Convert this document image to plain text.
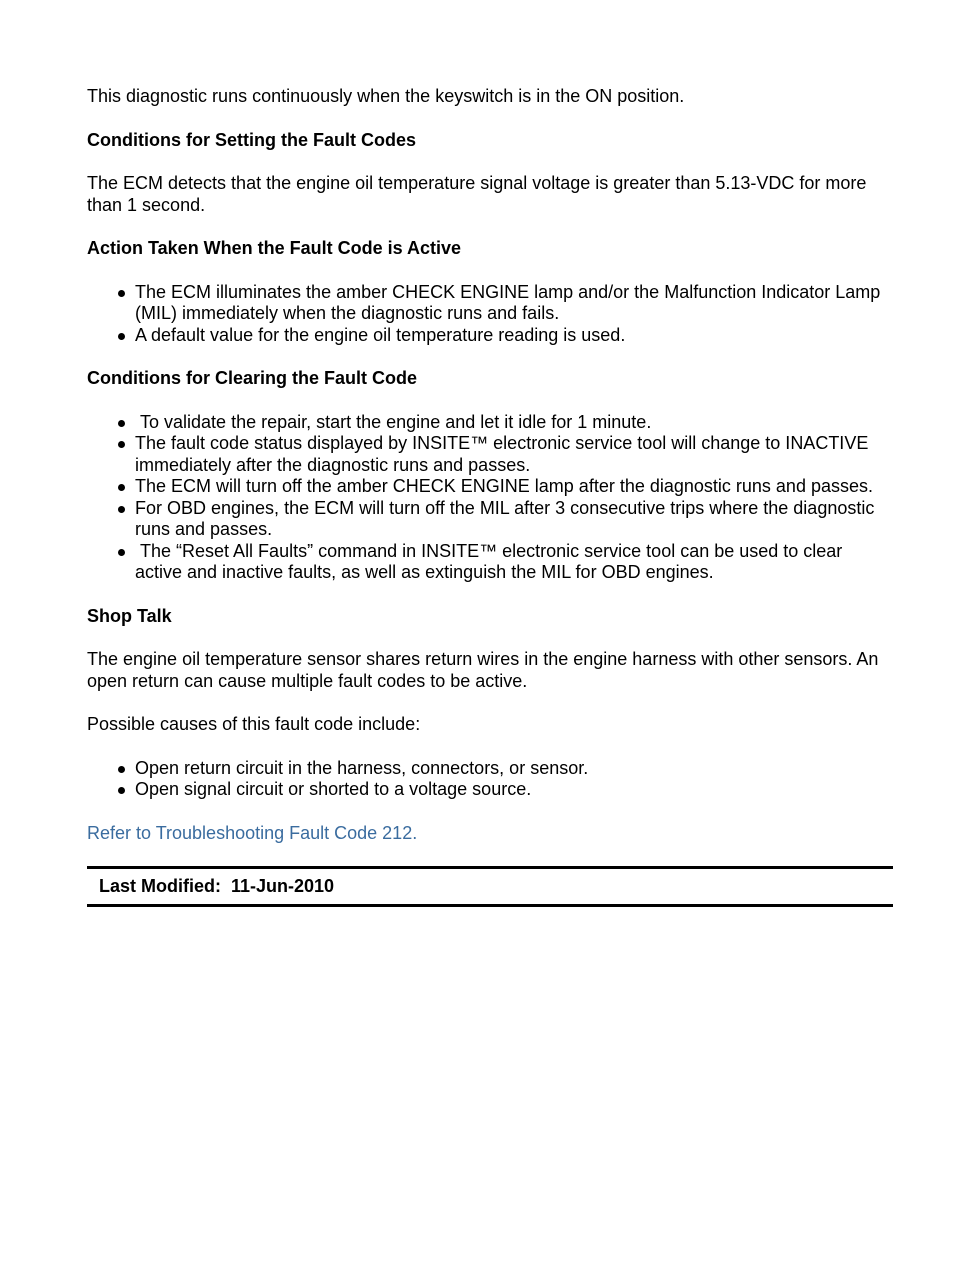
This diagnostic runs continuously when the keyswitch is in the ON position.

Conditions for Setting the Fault Codes

The ECM detects that the engine oil temperature signal voltage is greater than 5.13-VDC for more than 1 second.

Action Taken When the Fault Code is Active
The ECM illuminates the amber CHECK ENGINE lamp and/or the Malfunction Indicator Lamp (MIL) immediately when the diagnostic runs and fails.
A default value for the engine oil temperature reading is used.
Conditions for Clearing the Fault Code
To validate the repair, start the engine and let it idle for 1 minute.
The fault code status displayed by INSITE™ electronic service tool will change to INACTIVE immediately after the diagnostic runs and passes.
The ECM will turn off the amber CHECK ENGINE lamp after the diagnostic runs and passes.
For OBD engines, the ECM will turn off the MIL after 3 consecutive trips where the diagnostic runs and passes.
The “Reset All Faults” command in INSITE™ electronic service tool can be used to clear active and inactive faults, as well as extinguish the MIL for OBD engines.
Shop Talk

The engine oil temperature sensor shares return wires in the engine harness with other sensors. An open return can cause multiple fault codes to be active.

Possible causes of this fault code include:

Open return circuit in the harness, connectors, or sensor.
Open signal circuit or shorted to a voltage source.

Refer to Troubleshooting Fault Code 212.

Last Modified:  11-Jun-2010
